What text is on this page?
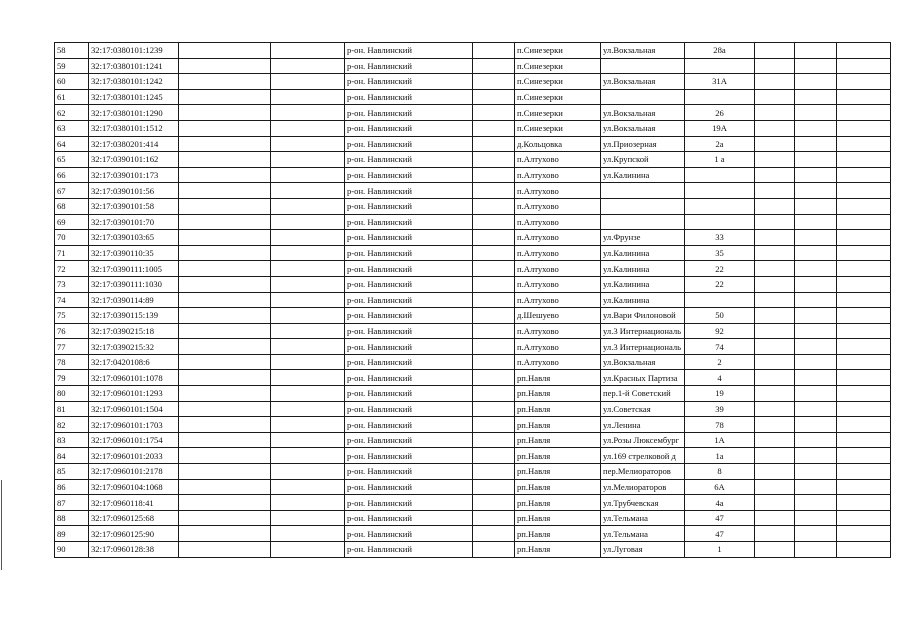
58	32:17:0380101:1239			р-он. Навлинский		п.Синезерки	ул.Вокзальная	28а			
59	32:17:0380101:1241			р-он. Навлинский		п.Синезерки					
60	32:17:0380101:1242			р-он. Навлинский		п.Синезерки	ул.Вокзальная	31А			
61	32:17:0380101:1245			р-он. Навлинский		п.Синезерки					
62	32:17:0380101:1290			р-он. Навлинский		п.Синезерки	ул.Вокзальная	26			
63	32:17:0380101:1512			р-он. Навлинский		п.Синезерки	ул.Вокзальная	19А			
64	32:17:0380201:414			р-он. Навлинский		д.Кольцовка	ул.Приозерная	2а			
65	32:17:0390101:162			р-он. Навлинский		п.Алтухово	ул.Крупской	1 а			
66	32:17:0390101:173			р-он. Навлинский		п.Алтухово	ул.Калинина				
67	32:17:0390101:56			р-он. Навлинский		п.Алтухово					
68	32:17:0390101:58			р-он. Навлинский		п.Алтухово					
69	32:17:0390101:70			р-он. Навлинский		п.Алтухово					
70	32:17:0390103:65			р-он. Навлинский		п.Алтухово	ул.Фрунзе	33			
71	32:17:0390110:35			р-он. Навлинский		п.Алтухово	ул.Калинина	35			
72	32:17:0390111:1005			р-он. Навлинский		п.Алтухово	ул.Калинина	22			
73	32:17:0390111:1030			р-он. Навлинский		п.Алтухово	ул.Калинина	22			
74	32:17:0390114:89			р-он. Навлинский		п.Алтухово	ул.Калинина				
75	32:17:0390115:139			р-он. Навлинский		д.Шешуево	ул.Вари Филоновой	50			
76	32:17:0390215:18			р-он. Навлинский		п.Алтухово	ул.3 Интернациональ	92			
77	32:17:0390215:32			р-он. Навлинский		п.Алтухово	ул.3 Интернациональ	74			
78	32:17:0420108:6			р-он. Навлинский		п.Алтухово	ул.Вокзальная	2			
79	32:17:0960101:1078			р-он. Навлинский		рп.Навля	ул.Красных Партиза	4			
80	32:17:0960101:1293			р-он. Навлинский		рп.Навля	пер.1-й Советский	19			
81	32:17:0960101:1504			р-он. Навлинский		рп.Навля	ул.Советская	39			
82	32:17:0960101:1703			р-он. Навлинский		рп.Навля	ул.Ленина	78			
83	32:17:0960101:1754			р-он. Навлинский		рп.Навля	ул.Розы Люксембург	1А			
84	32:17:0960101:2033			р-он. Навлинский		рп.Навля	ул.169 стрелковой д	1а			
85	32:17:0960101:2178			р-он. Навлинский		рп.Навля	пер.Мелиораторов	8			
86	32:17:0960104:1068			р-он. Навлинский		рп.Навля	ул.Мелиораторов	6А			
87	32:17:0960118:41			р-он. Навлинский		рп.Навля	ул.Трубчевская	4а			
88	32:17:0960125:68			р-он. Навлинский		рп.Навля	ул.Тельмана	47			
89	32:17:0960125:90			р-он. Навлинский		рп.Навля	ул.Тельмана	47			
90	32:17:0960128:38			р-он. Навлинский		рп.Навля	ул.Луговая	1			
